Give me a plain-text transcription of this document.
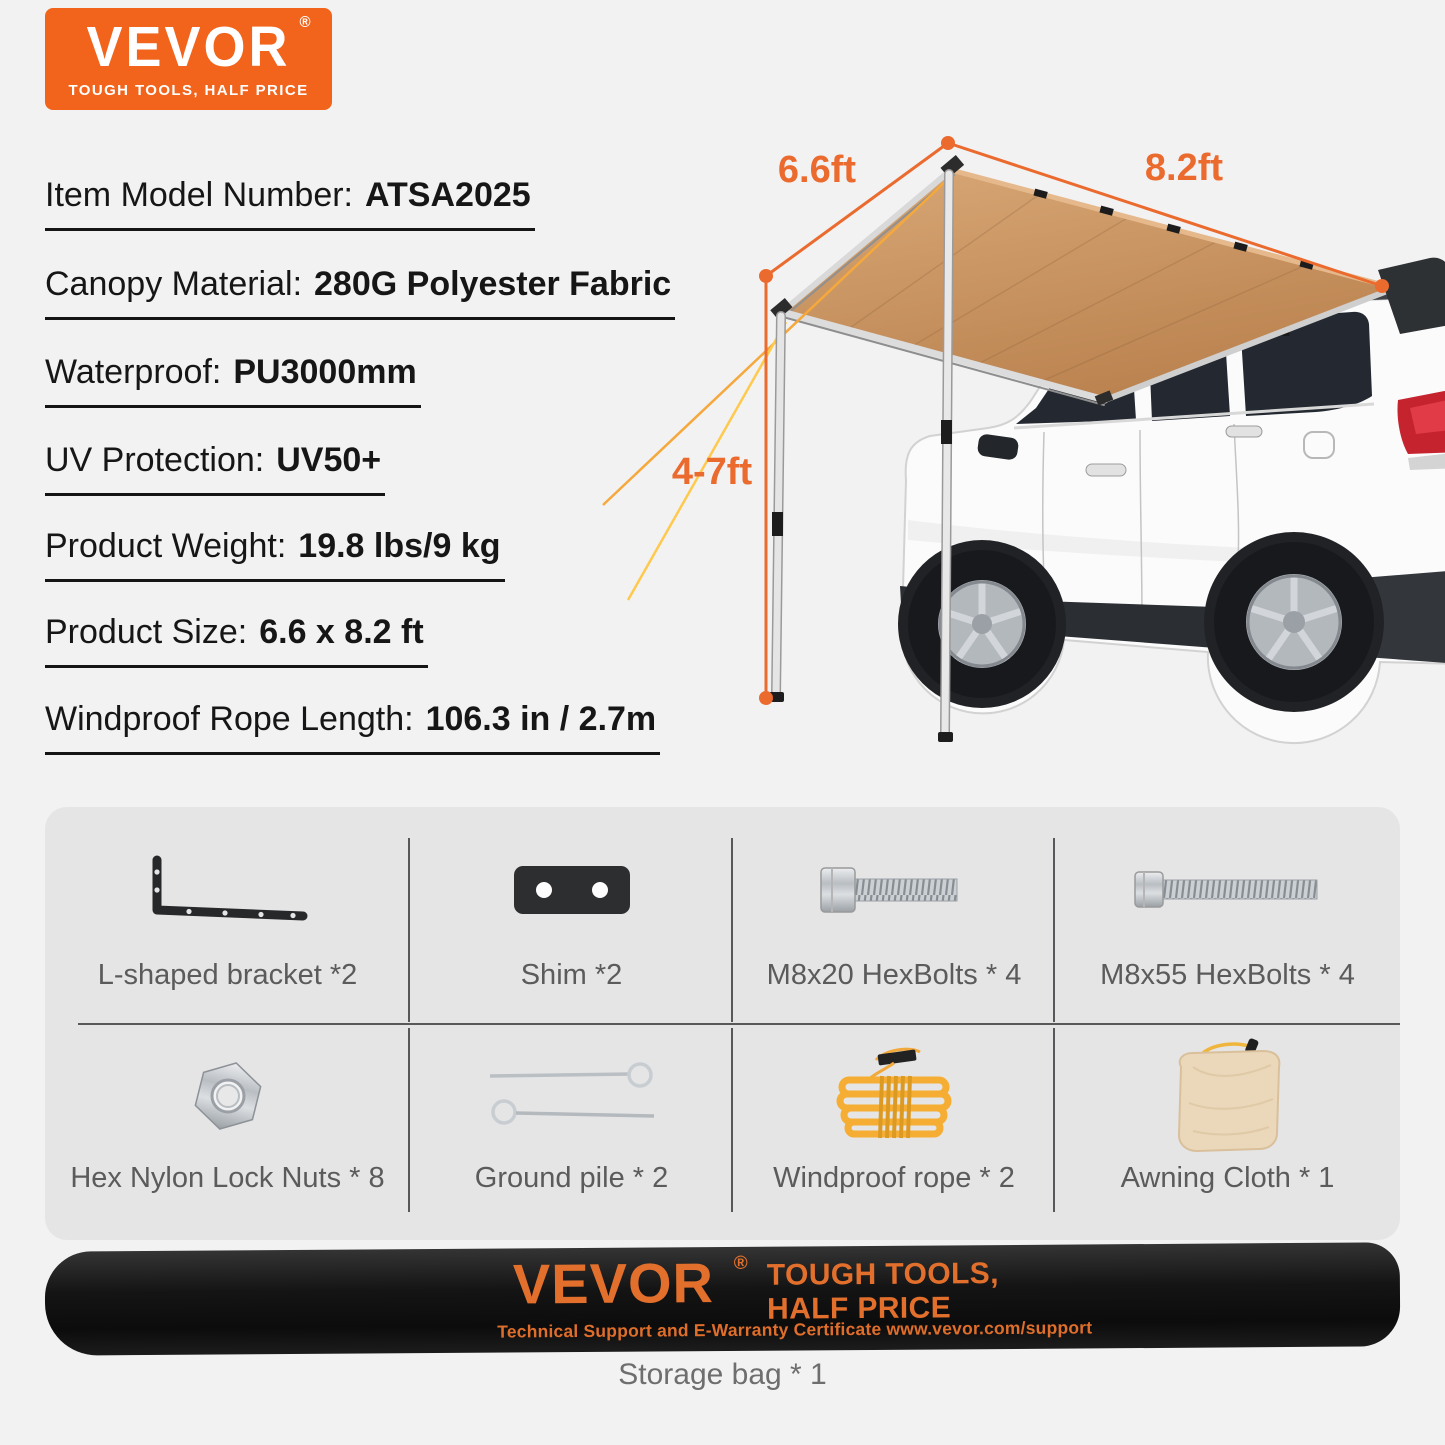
VEVOR ®
TOUGH TOOLS, HALF PRICE
Item Model Number: ATSA2025
Canopy Material: 280G Polyester Fabric
Waterproof: PU3000mm
UV Protection: UV50+
Product Weight: 19.8 lbs/9 kg
Product Size: 6.6 x 8.2 ft
Windproof Rope Length: 106.3 in / 2.7m
6.6ft	8.2ft
4-7ft
L-shaped bracket *2	Shim *2	M8x20 HexBolts * 4	M8x55 HexBolts * 4
Hex Nylon Lock Nuts * 8	Ground pile * 2	Windproof rope * 2	Awning Cloth * 1
VEVOR ® TOUGH TOOLS,
HALF PRICE
Technical Support and E-Warranty Certificate www.vevor.com/support
Storage bag * 1
